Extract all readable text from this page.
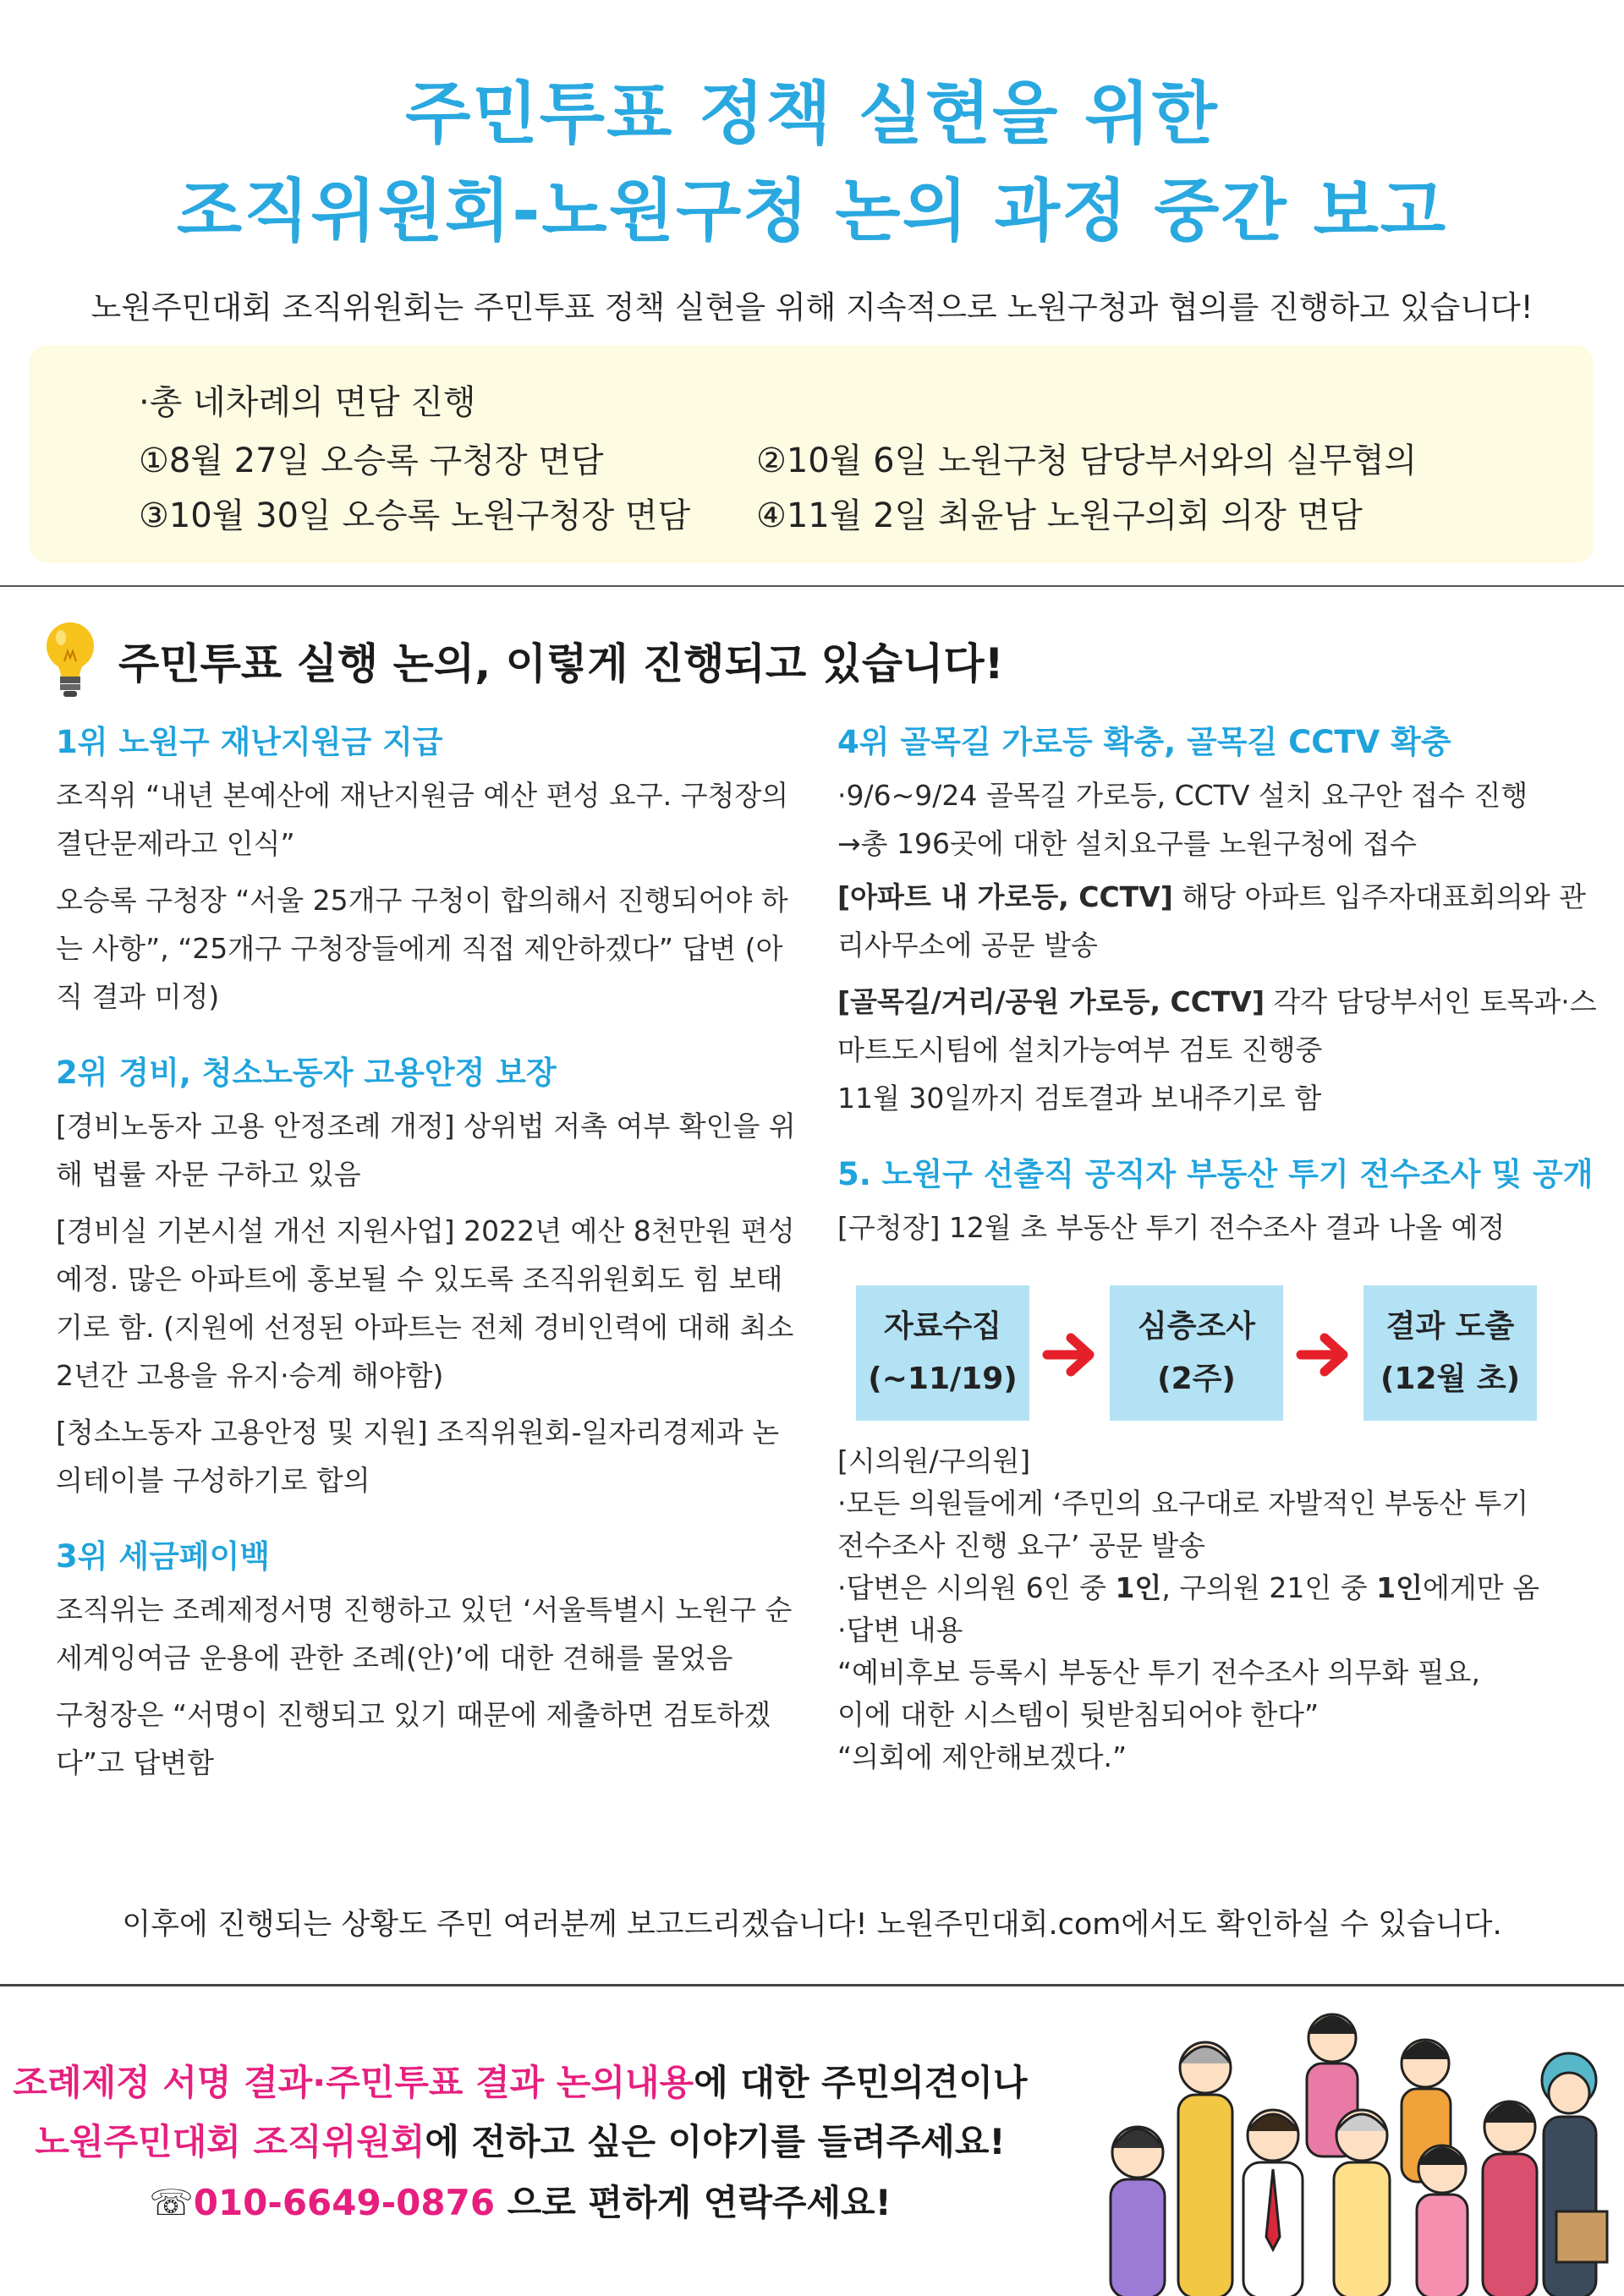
주민투표 정책 실현을 위한
조직위원회-노원구청 논의 과정 중간 보고
노원주민대회 조직위원회는 주민투표 정책 실현을 위해 지속적으로 노원구청과 협의를 진행하고 있습니다!
·총 네차례의 면담 진행
①8월 27일 오승록 구청장 면담	②10월 6일 노원구청 담당부서와의 실무협의
③10월 30일 오승록 노원구청장 면담 ④11월 2일 최윤남 노원구의회 의장 면담
주민투표 실행 논의, 이렇게 진행되고 있습니다!
1위 노원구 재난지원금 지급
조직위 “내년 본예산에 재난지원금 예산 편성 요구. 구청장의 결단문제라고 인식”
오승록 구청장 “서울 25개구 구청이 합의해서 진행되어야 하는 사항”, “25개구 구청장들에게 직접 제안하겠다” 답변 (아직 결과 미정)
2위 경비, 청소노동자 고용안정 보장
[경비노동자 고용 안정조례 개정] 상위법 저촉 여부 확인을 위해 법률 자문 구하고 있음
[경비실 기본시설 개선 지원사업] 2022년 예산 8천만원 편성 예정. 많은 아파트에 홍보될 수 있도록 조직위원회도 힘 보태기로 함. (지원에 선정된 아파트는 전체 경비인력에 대해 최소 2년간 고용을 유지·승계 해야함)
[청소노동자 고용안정 및 지원] 조직위원회-일자리경제과 논의테이블 구성하기로 합의
3위 세금페이백
조직위는 조례제정서명 진행하고 있던 ‘서울특별시 노원구 순세계잉여금 운용에 관한 조례(안)’에 대한 견해를 물었음
구청장은 “서명이 진행되고 있기 때문에 제출하면 검토하겠다”고 답변함
4위 골목길 가로등 확충, 골목길 CCTV 확충
·9/6~9/24 골목길 가로등, CCTV 설치 요구안 접수 진행
→총 196곳에 대한 설치요구를 노원구청에 접수
[아파트 내 가로등, CCTV] 해당 아파트 입주자대표회의와 관리사무소에 공문 발송
[골목길/거리/공원 가로등, CCTV] 각각 담당부서인 토목과·스마트도시팀에 설치가능여부 검토 진행중
11월 30일까지 검토결과 보내주기로 함
5. 노원구 선출직 공직자 부동산 투기 전수조사 및 공개
[구청장] 12월 초 부동산 투기 전수조사 결과 나올 예정
자료수집
(~11/19)
심층조사
(2주)
결과 도출
(12월 초)
[시의원/구의원]
·모든 의원들에게 ‘주민의 요구대로 자발적인 부동산 투기
전수조사 진행 요구’ 공문 발송
·답변은 시의원 6인 중 1인, 구의원 21인 중 1인에게만 옴
·답변 내용
“예비후보 등록시 부동산 투기 전수조사 의무화 필요,
이에 대한 시스템이 뒷받침되어야 한다”
“의회에 제안해보겠다.”
이후에 진행되는 상황도 주민 여러분께 보고드리겠습니다! 노원주민대회.com에서도 확인하실 수 있습니다.
조례제정 서명 결과·주민투표 결과 논의내용에 대한 주민의견이나
노원주민대회 조직위원회에 전하고 싶은 이야기를 들려주세요!
☏010-6649-0876 으로 편하게 연락주세요!
